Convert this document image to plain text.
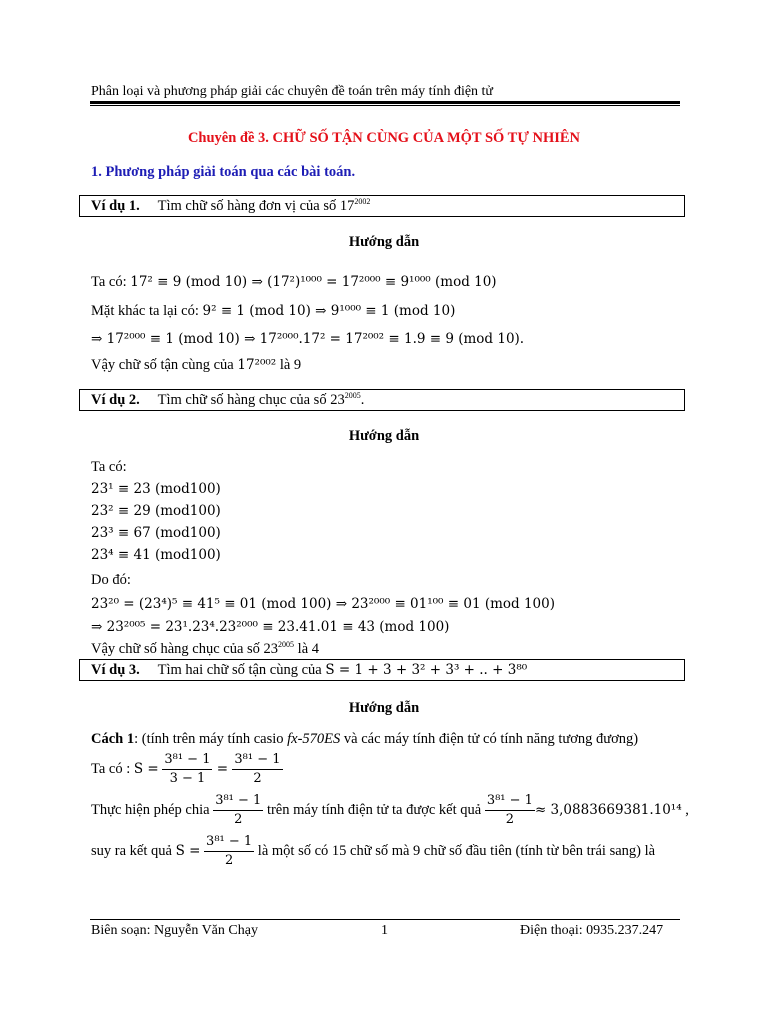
Phân loại và phương pháp giải các chuyên đề toán trên máy tính điện tử
Chuyên đề 3. CHỮ SỐ TẬN CÙNG CỦA MỘT SỐ TỰ NHIÊN
1. Phương pháp giải toán qua các bài toán.
Ví dụ 1. Tìm chữ số hàng đơn vị của số $17^{2002}$
Hướng dẫn
Ta có: 17² ≡ 9 (mod 10) ⇒ (17²)¹⁰⁰⁰ = 17²⁰⁰⁰ ≡ 9¹⁰⁰⁰ (mod 10)
Mặt khác ta lại có: 9² ≡ 1 (mod 10) ⇒ 9¹⁰⁰⁰ ≡ 1 (mod 10)
⇒ 17²⁰⁰⁰ ≡ 1 (mod 10) ⇒ 17²⁰⁰⁰.17² = 17²⁰⁰² ≡ 1.9 ≡ 9 (mod 10).
Vậy chữ số tận cùng của 17²⁰⁰² là 9
Ví dụ 2. Tìm chữ số hàng chục của số $23^{2005}$.
Hướng dẫn
Ta có:
23¹ ≡ 23 (mod100)
23² ≡ 29 (mod100)
23³ ≡ 67 (mod100)
23⁴ ≡ 41 (mod100)
Do đó:
23²⁰ = (23⁴)⁵ ≡ 41⁵ ≡ 01 (mod 100) ⇒ 23²⁰⁰⁰ ≡ 01¹⁰⁰ ≡ 01 (mod 100)
⇒ 23²⁰⁰⁵ = 23¹.23⁴.23²⁰⁰⁰ ≡ 23.41.01 ≡ 43 (mod 100)
Vậy chữ số hàng chục của số $23^{2005}$ là 4
Ví dụ 3. Tìm hai chữ số tận cùng của S = 1 + 3 + 3² + 3³ + .. + 3⁸⁰
Hướng dẫn
Cách 1: (tính trên máy tính casio fx-570ES và các máy tính điện tử có tính năng tương đương)
Ta có : $S = \frac{\text{3⁸¹ − 1}}{3 - 1} = \frac{\text{3⁸¹ − 1}}{2}$
Thực hiện phép chia $\frac{\text{3⁸¹ − 1}}{2}$ trên máy tính điện tử ta được kết quả $\frac{\text{3⁸¹ − 1}}{2} \approx 3,0883669381.10^{14}$ ,
suy ra kết quả $S = \frac{\text{3⁸¹ − 1}}{2}$ là một số có 15 chữ số mà 9 chữ số đầu tiên (tính từ bên trái sang) là
Biên soạn: Nguyễn Văn Chạy	1	Điện thoại: 0935.237.247
